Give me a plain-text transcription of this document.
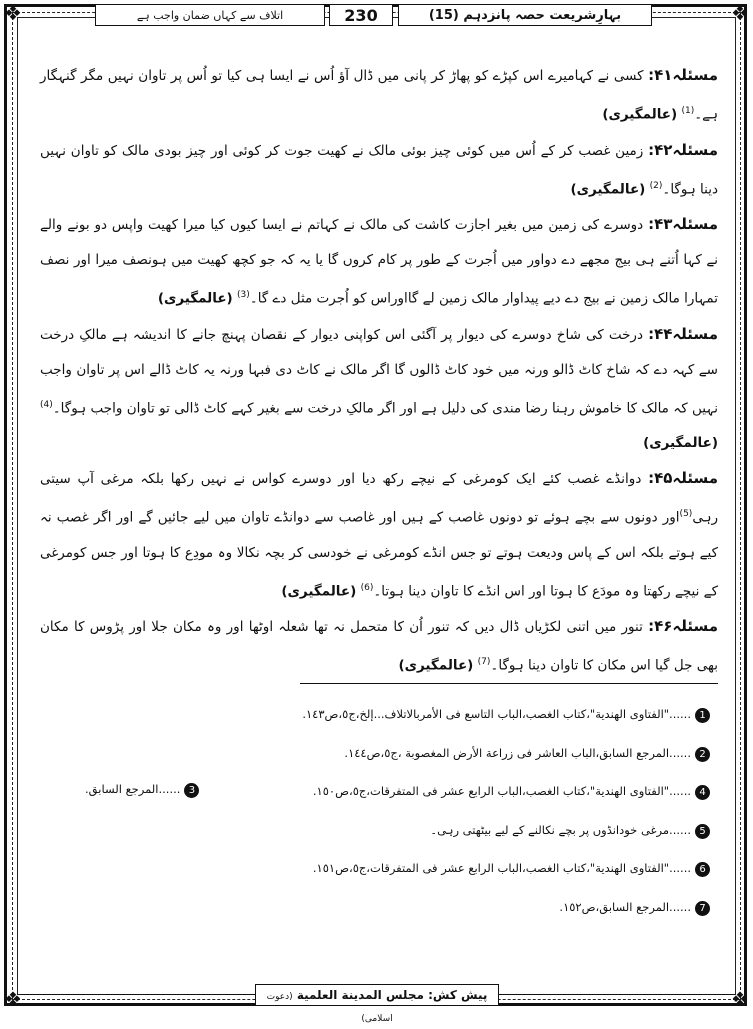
❖	❖
❖	❖
بہارِشریعت حصہ پانزدہم (15)
230
اتلاف سے کہاں ضمان واجب ہے

مسئلہ۴۱: کسی نے کہامیرے اس کپڑے کو پھاڑ کر پانی میں ڈال آؤ اُس نے ایسا ہی کیا تو اُس پر تاوان نہیں مگر گنہگار ہے۔$^{(1)}$ (عالمگیری)

مسئلہ۴۲: زمین غصب کر کے اُس میں کوئی چیز بوئی مالک نے کھیت جوت کر کوئی اور چیز بودی مالک کو تاوان نہیں دینا ہوگا۔$^{(2)}$ (عالمگیری)

مسئلہ۴۳: دوسرے کی زمین میں بغیر اجازت کاشت کی مالک نے کہاتم نے ایسا کیوں کیا میرا کھیت واپس دو بونے والے نے کہا اُتنے ہی بیج مجھے دے دواور میں اُجرت کے طور پر کام کروں گا یا یہ کہ جو کچھ کھیت میں ہونصف میرا اور نصف تمہارا مالک زمین نے بیج دے دیے پیداوار مالک زمین لے گااوراس کو اُجرت مثل دے گا۔$^{(3)}$ (عالمگیری)

مسئلہ۴۴: درخت کی شاخ دوسرے کی دیوار پر آگئی اس کواپنی دیوار کے نقصان پہنچ جانے کا اندیشہ ہے مالکِ درخت سے کہہ دے کہ شاخ کاٹ ڈالو ورنہ میں خود کاٹ ڈالوں گا اگر مالک نے کاٹ دی فبہا ورنہ یہ کاٹ ڈالے اس پر تاوان واجب نہیں کہ مالک کا خاموش رہنا رضا مندی کی دلیل ہے اور اگر مالکِ درخت سے بغیر کہے کاٹ ڈالی تو تاوان واجب ہوگا۔$^{(4)}$ (عالمگیری)

مسئلہ۴۵: دوانڈے غصب کئے ایک کومرغی کے نیچے رکھ دیا اور دوسرے کواس نے نہیں رکھا بلکہ مرغی آپ سیتی رہی$^{(5)}$اور دونوں سے بچے ہوئے تو دونوں غاصب کے ہیں اور غاصب سے دوانڈے تاوان میں لیے جائیں گے اور اگر غصب نہ کیے ہوتے بلکہ اس کے پاس ودیعت ہوتے تو جس انڈے کومرغی نے خودسی کر بچہ نکالا وہ مودِع کا ہوتا اور جس کومرغی کے نیچے رکھتا وہ مودَع کا ہوتا اور اس انڈے کا تاوان دینا ہوتا۔$^{(6)}$ (عالمگیری)

مسئلہ۴۶: تنور میں اتنی لکڑیاں ڈال دیں کہ تنور اُن کا متحمل نہ تھا شعلہ اوٹھا اور وہ مکان جلا اور پڑوس کا مکان بھی جل گیا اس مکان کا تاوان دینا ہوگا۔$^{(7)}$ (عالمگیری)

1......"الفتاوی الھندیة"،کتاب الغصب،الباب التاسع فی الأمربالاتلاف...إلخ،ج٥،ص١٤٣.
2......المرجع السابق،الباب العاشر فی زراعة الأرض المغصوبة ،ج٥،ص١٤٤.
4......"الفتاوی الھندیة"،کتاب الغصب،الباب الرابع عشر فی المتفرقات،ج٥،ص١٥٠.
5......مرغی خودانڈوں پر بچے نکالنے کے لیے بیٹھتی رہی۔
6......"الفتاوی الھندیة"،کتاب الغصب،الباب الرابع عشر فی المتفرقات،ج٥،ص١٥١.
7......المرجع السابق،ص١٥٢.
3......المرجع السابق.
پیش کش: مجلس المدینة العلمیة (دعوت اسلامی)
